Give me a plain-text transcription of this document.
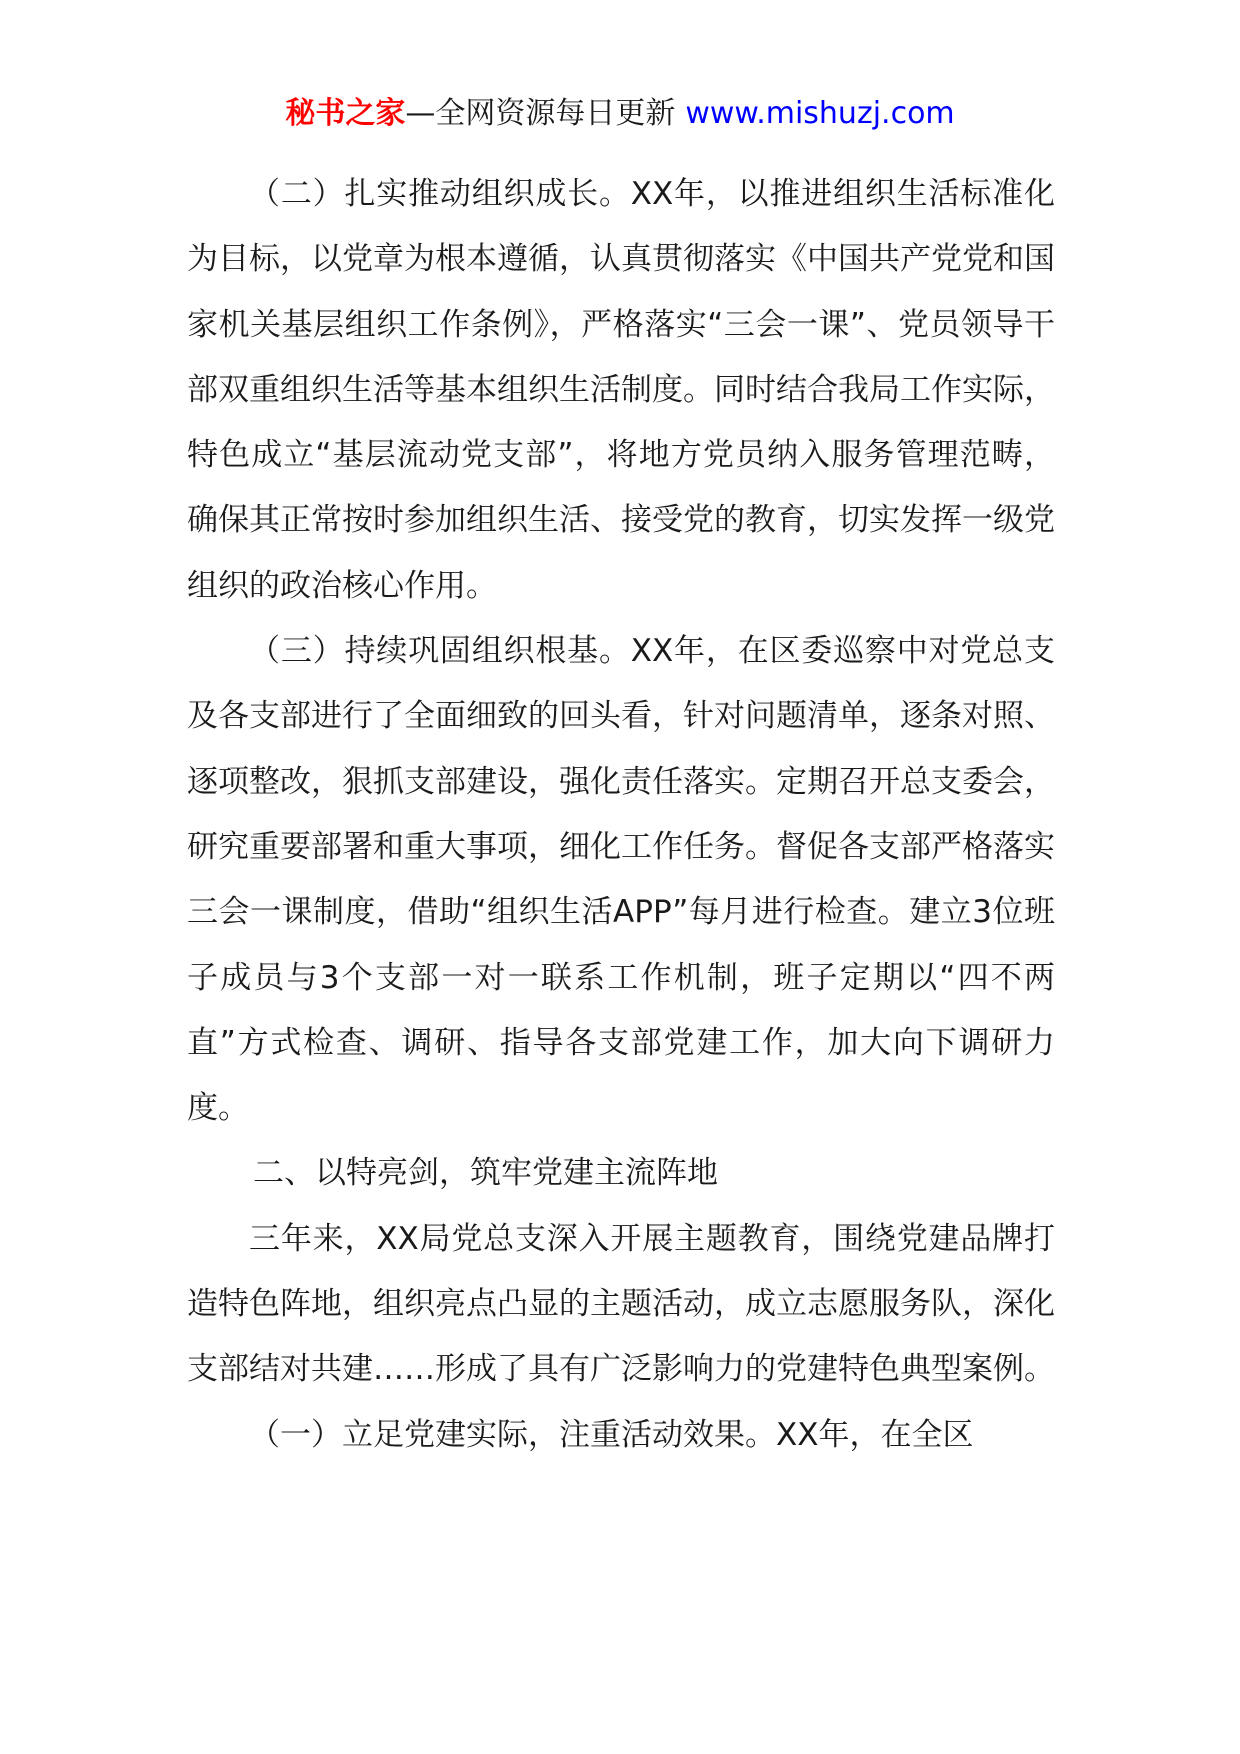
秘书之家—全网资源每日更新 www.mishuzj.com

（二）扎实推动组织成长。XX年，以推进组织生活标准化为目标，以党章为根本遵循，认真贯彻落实《中国共产党党和国家机关基层组织工作条例》，严格落实“三会一课”、党员领导干部双重组织生活等基本组织生活制度。同时结合我局工作实际，特色成立“基层流动党支部”，将地方党员纳入服务管理范畴，确保其正常按时参加组织生活、接受党的教育，切实发挥一级党组织的政治核心作用。

（三）持续巩固组织根基。XX年，在区委巡察中对党总支及各支部进行了全面细致的回头看，针对问题清单，逐条对照、逐项整改，狠抓支部建设，强化责任落实。定期召开总支委会，研究重要部署和重大事项，细化工作任务。督促各支部严格落实三会一课制度，借助“组织生活APP”每月进行检查。建立3位班子成员与3个支部一对一联系工作机制，班子定期以“四不两直”方式检查、调研、指导各支部党建工作，加大向下调研力度。

二、以特亮剑，筑牢党建主流阵地

三年来，XX局党总支深入开展主题教育，围绕党建品牌打造特色阵地，组织亮点凸显的主题活动，成立志愿服务队，深化支部结对共建……形成了具有广泛影响力的党建特色典型案例。

（一）立足党建实际，注重活动效果。XX年，在全区
